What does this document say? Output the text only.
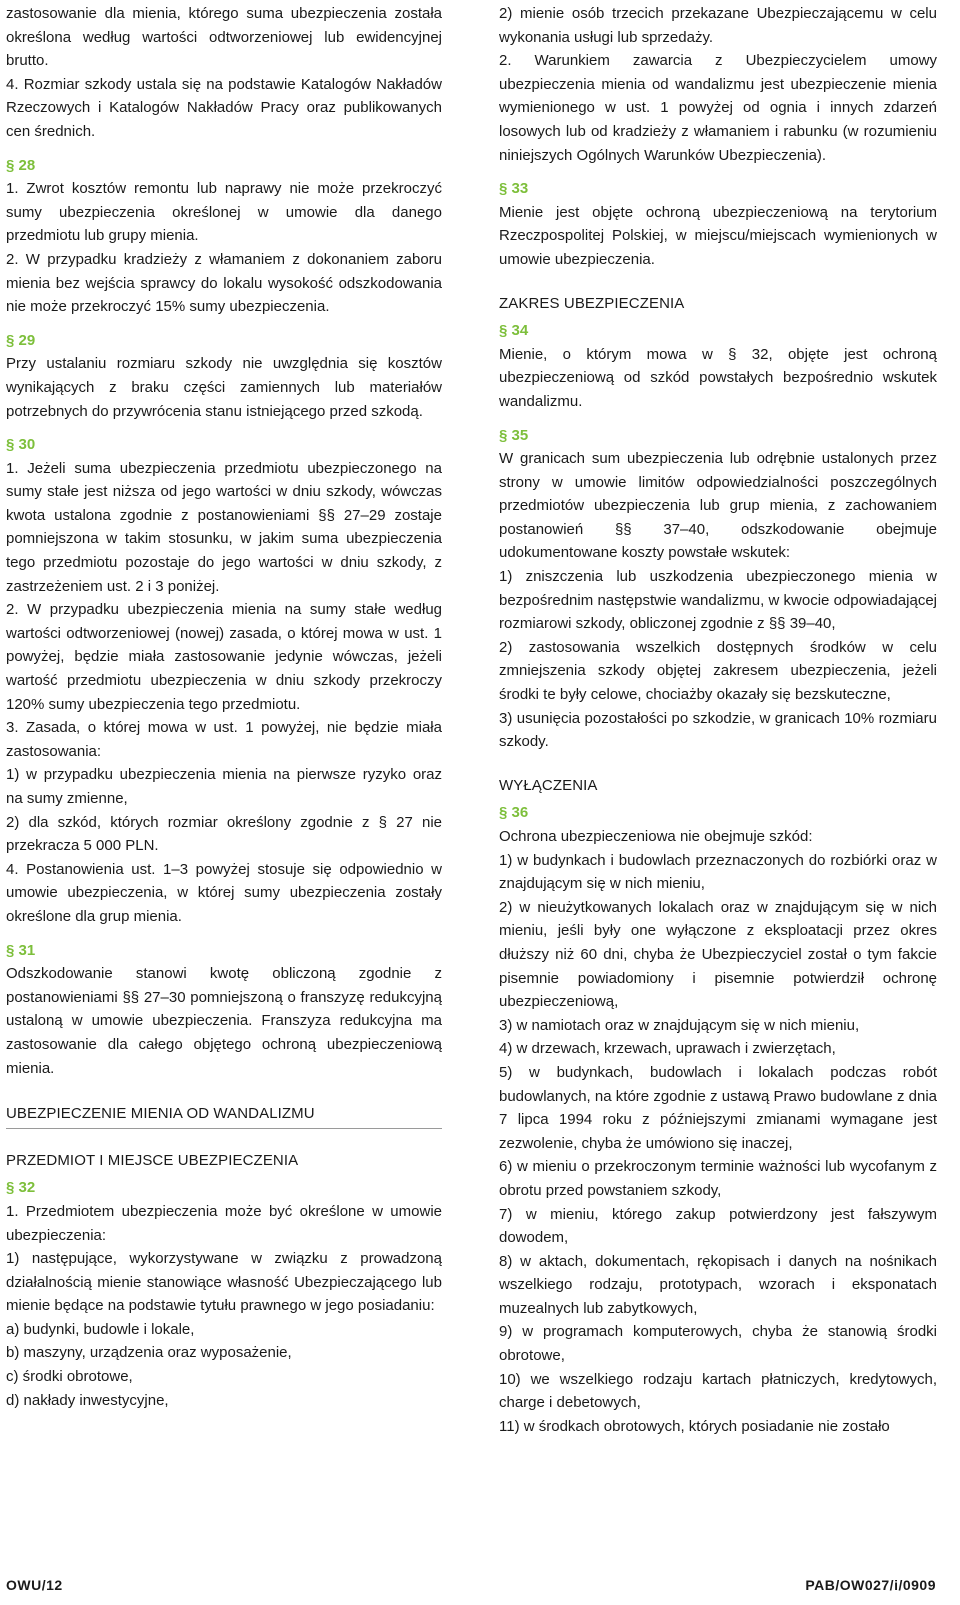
zastosowanie dla mienia, którego suma ubezpieczenia została określona według wartości odtworzeniowej lub ewidencyjnej brutto.

4. Rozmiar szkody ustala się na podstawie Katalogów Nakładów Rzeczowych i Katalogów Nakładów Pracy oraz publikowanych cen średnich.

§ 28

1. Zwrot kosztów remontu lub naprawy nie może przekroczyć sumy ubezpieczenia określonej w umowie dla danego przedmiotu lub grupy mienia.

2. W przypadku kradzieży z włamaniem z dokonaniem zaboru mienia bez wejścia sprawcy do lokalu wysokość odszkodowania nie może przekroczyć 15% sumy ubezpieczenia.

§ 29

Przy ustalaniu rozmiaru szkody nie uwzględnia się kosztów wynikających z braku części zamiennych lub materiałów potrzebnych do przywrócenia stanu istniejącego przed szkodą.

§ 30

1. Jeżeli suma ubezpieczenia przedmiotu ubezpieczonego na sumy stałe jest niższa od jego wartości w dniu szkody, wówczas kwota ustalona zgodnie z postanowieniami §§ 27–29 zostaje pomniejszona w takim stosunku, w jakim suma ubezpieczenia tego przedmiotu pozostaje do jego wartości w dniu szkody, z zastrzeżeniem ust. 2 i 3 poniżej.

2. W przypadku ubezpieczenia mienia na sumy stałe według wartości odtworzeniowej (nowej) zasada, o której mowa w ust. 1 powyżej, będzie miała zastosowanie jedynie wówczas, jeżeli wartość przedmiotu ubezpieczenia w dniu szkody przekroczy 120% sumy ubezpieczenia tego przedmiotu.

3. Zasada, o której mowa w ust. 1 powyżej, nie będzie miała zastosowania:

1) w przypadku ubezpieczenia mienia na pierwsze ryzyko oraz na sumy zmienne,

2) dla szkód, których rozmiar określony zgodnie z § 27 nie przekracza 5 000 PLN.

4. Postanowienia ust. 1–3 powyżej stosuje się odpowiednio w umowie ubezpieczenia, w której sumy ubezpieczenia zostały określone dla grup mienia.

§ 31

Odszkodowanie stanowi kwotę obliczoną zgodnie z postanowieniami §§ 27–30 pomniejszoną o franszyzę redukcyjną ustaloną w umowie ubezpieczenia. Franszyza redukcyjna ma zastosowanie dla całego objętego ochroną ubezpieczeniową mienia.

UBEZPIECZENIE MIENIA OD WANDALIZMU

PRZEDMIOT I MIEJSCE UBEZPIECZENIA

§ 32

1. Przedmiotem ubezpieczenia może być określone w umowie ubezpieczenia:

1) następujące, wykorzystywane w związku z prowadzoną działalnością mienie stanowiące własność Ubezpieczającego lub mienie będące na podstawie tytułu prawnego w jego posiadaniu:

a) budynki, budowle i lokale,

b) maszyny, urządzenia oraz wyposażenie,

c) środki obrotowe,

d) nakłady inwestycyjne,

2) mienie osób trzecich przekazane Ubezpieczającemu w celu wykonania usługi lub sprzedaży.

2. Warunkiem zawarcia z Ubezpieczycielem umowy ubezpieczenia mienia od wandalizmu jest ubezpieczenie mienia wymienionego w ust. 1 powyżej od ognia i innych zdarzeń losowych lub od kradzieży z włamaniem i rabunku (w rozumieniu niniejszych Ogólnych Warunków Ubezpieczenia).

§ 33

Mienie jest objęte ochroną ubezpieczeniową na terytorium Rzeczpospolitej Polskiej, w miejscu/miejscach wymienionych w umowie ubezpieczenia.

ZAKRES UBEZPIECZENIA

§ 34

Mienie, o którym mowa w § 32, objęte jest ochroną ubezpieczeniową od szkód powstałych bezpośrednio wskutek wandalizmu.

§ 35

W granicach sum ubezpieczenia lub odrębnie ustalonych przez strony w umowie limitów odpowiedzialności poszczególnych przedmiotów ubezpieczenia lub grup mienia, z zachowaniem postanowień §§ 37–40, odszkodowanie obejmuje udokumentowane koszty powstałe wskutek:

1) zniszczenia lub uszkodzenia ubezpieczonego mienia w bezpośrednim następstwie wandalizmu, w kwocie odpowiadającej rozmiarowi szkody, obliczonej zgodnie z §§ 39–40,

2) zastosowania wszelkich dostępnych środków w celu zmniejszenia szkody objętej zakresem ubezpieczenia, jeżeli środki te były celowe, chociażby okazały się bezskuteczne,

3) usunięcia pozostałości po szkodzie, w granicach 10% rozmiaru szkody.

WYŁĄCZENIA

§ 36

Ochrona ubezpieczeniowa nie obejmuje szkód:

1) w budynkach i budowlach przeznaczonych do rozbiórki oraz w znajdującym się w nich mieniu,

2) w nieużytkowanych lokalach oraz w znajdującym się w nich mieniu, jeśli były one wyłączone z eksploatacji przez okres dłuższy niż 60 dni, chyba że Ubezpieczyciel został o tym fakcie pisemnie powiadomiony i pisemnie potwierdził ochronę ubezpieczeniową,

3) w namiotach oraz w znajdującym się w nich mieniu,

4) w drzewach, krzewach, uprawach i zwierzętach,

5) w budynkach, budowlach i lokalach podczas robót budowlanych, na które zgodnie z ustawą Prawo budowlane z dnia 7 lipca 1994 roku z późniejszymi zmianami wymagane jest zezwolenie, chyba że umówiono się inaczej,

6) w mieniu o przekroczonym terminie ważności lub wycofanym z obrotu przed powstaniem szkody,

7) w mieniu, którego zakup potwierdzony jest fałszywym dowodem,

8) w aktach, dokumentach, rękopisach i danych na nośnikach wszelkiego rodzaju, prototypach, wzorach i eksponatach muzealnych lub zabytkowych,

9) w programach komputerowych, chyba że stanowią środki obrotowe,

10) we wszelkiego rodzaju kartach płatniczych, kredytowych, charge i debetowych,

11) w środkach obrotowych, których posiadanie nie zostało

OWU/12	PAB/OW027/i/0909
